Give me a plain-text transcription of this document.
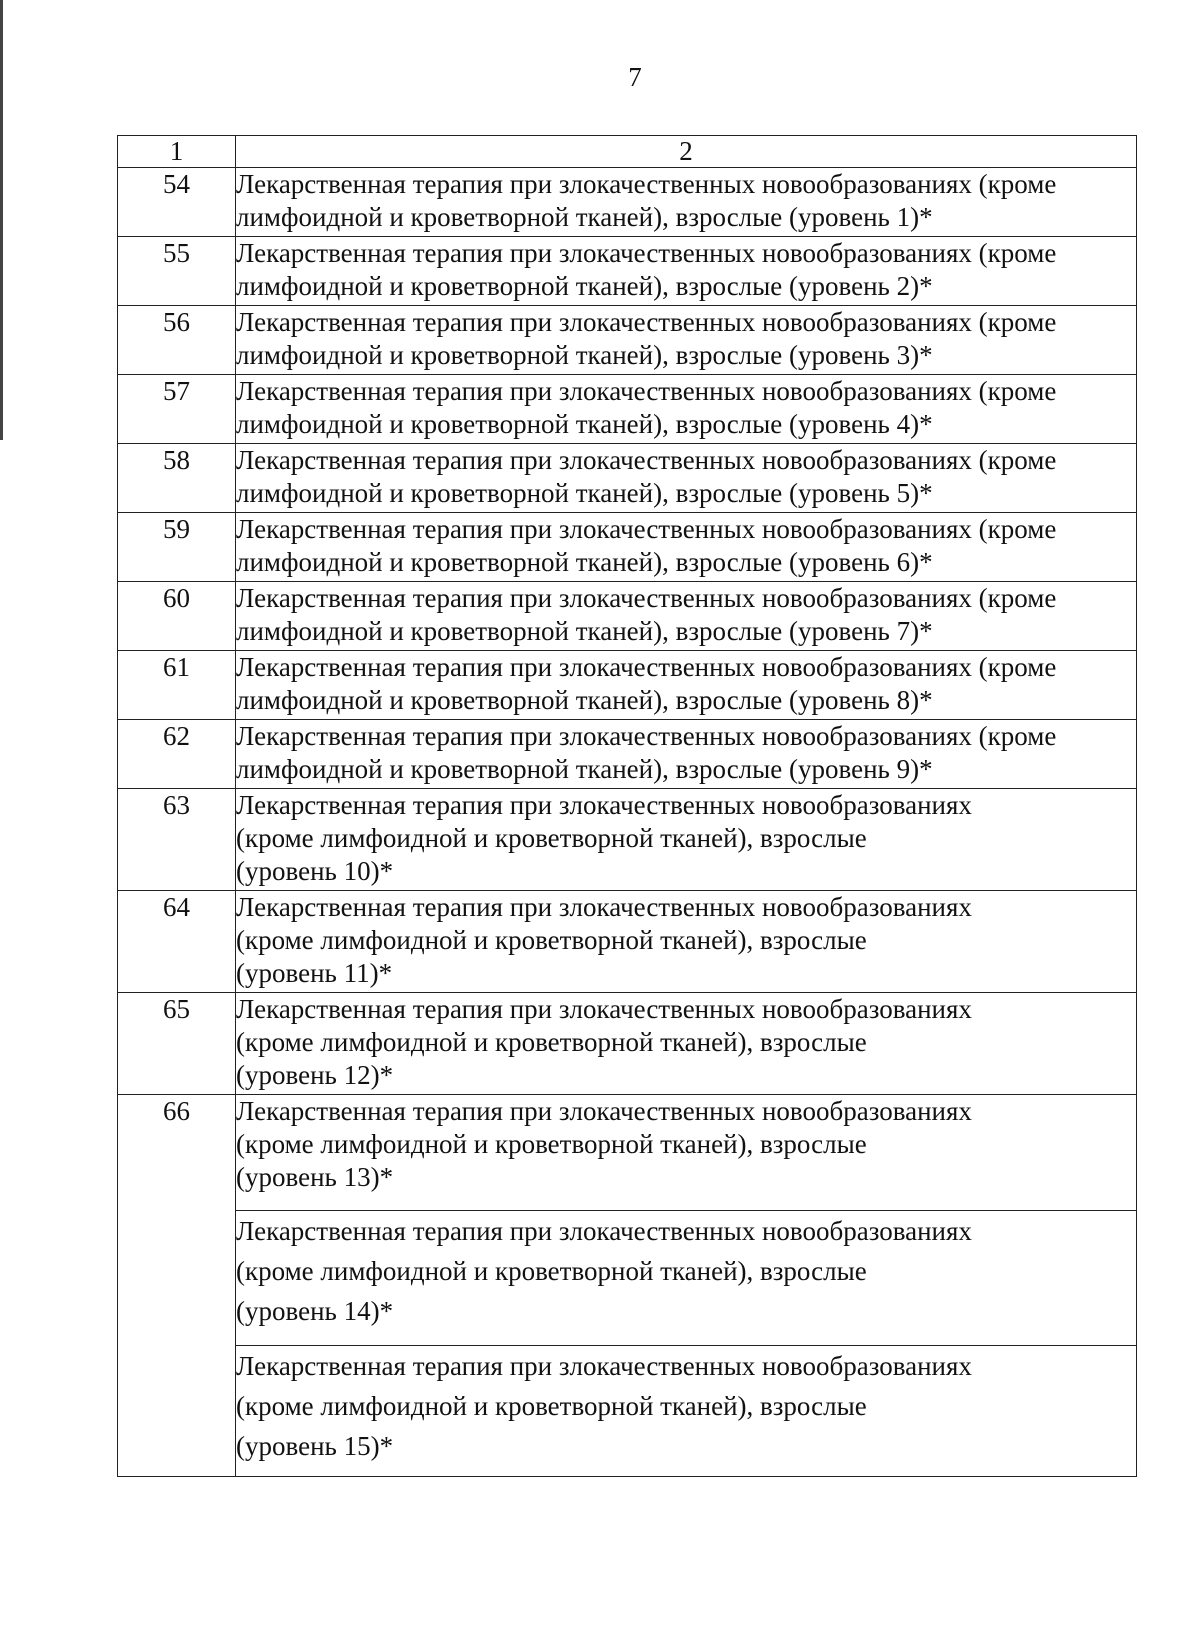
7
1	2
54	Лекарственная терапия при злокачественных новообразованиях (кроме лимфоидной и кроветворной тканей), взрослые (уровень 1)*
55	Лекарственная терапия при злокачественных новообразованиях (кроме лимфоидной и кроветворной тканей), взрослые (уровень 2)*
56	Лекарственная терапия при злокачественных новообразованиях (кроме лимфоидной и кроветворной тканей), взрослые (уровень 3)*
57	Лекарственная терапия при злокачественных новообразованиях (кроме лимфоидной и кроветворной тканей), взрослые (уровень 4)*
58	Лекарственная терапия при злокачественных новообразованиях (кроме лимфоидной и кроветворной тканей), взрослые (уровень 5)*
59	Лекарственная терапия при злокачественных новообразованиях (кроме лимфоидной и кроветворной тканей), взрослые (уровень 6)*
60	Лекарственная терапия при злокачественных новообразованиях (кроме лимфоидной и кроветворной тканей), взрослые (уровень 7)*
61	Лекарственная терапия при злокачественных новообразованиях (кроме лимфоидной и кроветворной тканей), взрослые (уровень 8)*
62	Лекарственная терапия при злокачественных новообразованиях (кроме лимфоидной и кроветворной тканей), взрослые (уровень 9)*
63	Лекарственная терапия при злокачественных новообразованиях
(кроме лимфоидной и кроветворной тканей), взрослые
(уровень 10)*

64	Лекарственная терапия при злокачественных новообразованиях
(кроме лимфоидной и кроветворной тканей), взрослые
(уровень 11)*

65	Лекарственная терапия при злокачественных новообразованиях
(кроме лимфоидной и кроветворной тканей), взрослые
(уровень 12)*

66	Лекарственная терапия при злокачественных новообразованиях
(кроме лимфоидной и кроветворной тканей), взрослые
(уровень 13)*

	Лекарственная терапия при злокачественных новообразованиях
(кроме лимфоидной и кроветворной тканей), взрослые
(уровень 14)*

	Лекарственная терапия при злокачественных новообразованиях
(кроме лимфоидной и кроветворной тканей), взрослые
(уровень 15)*
